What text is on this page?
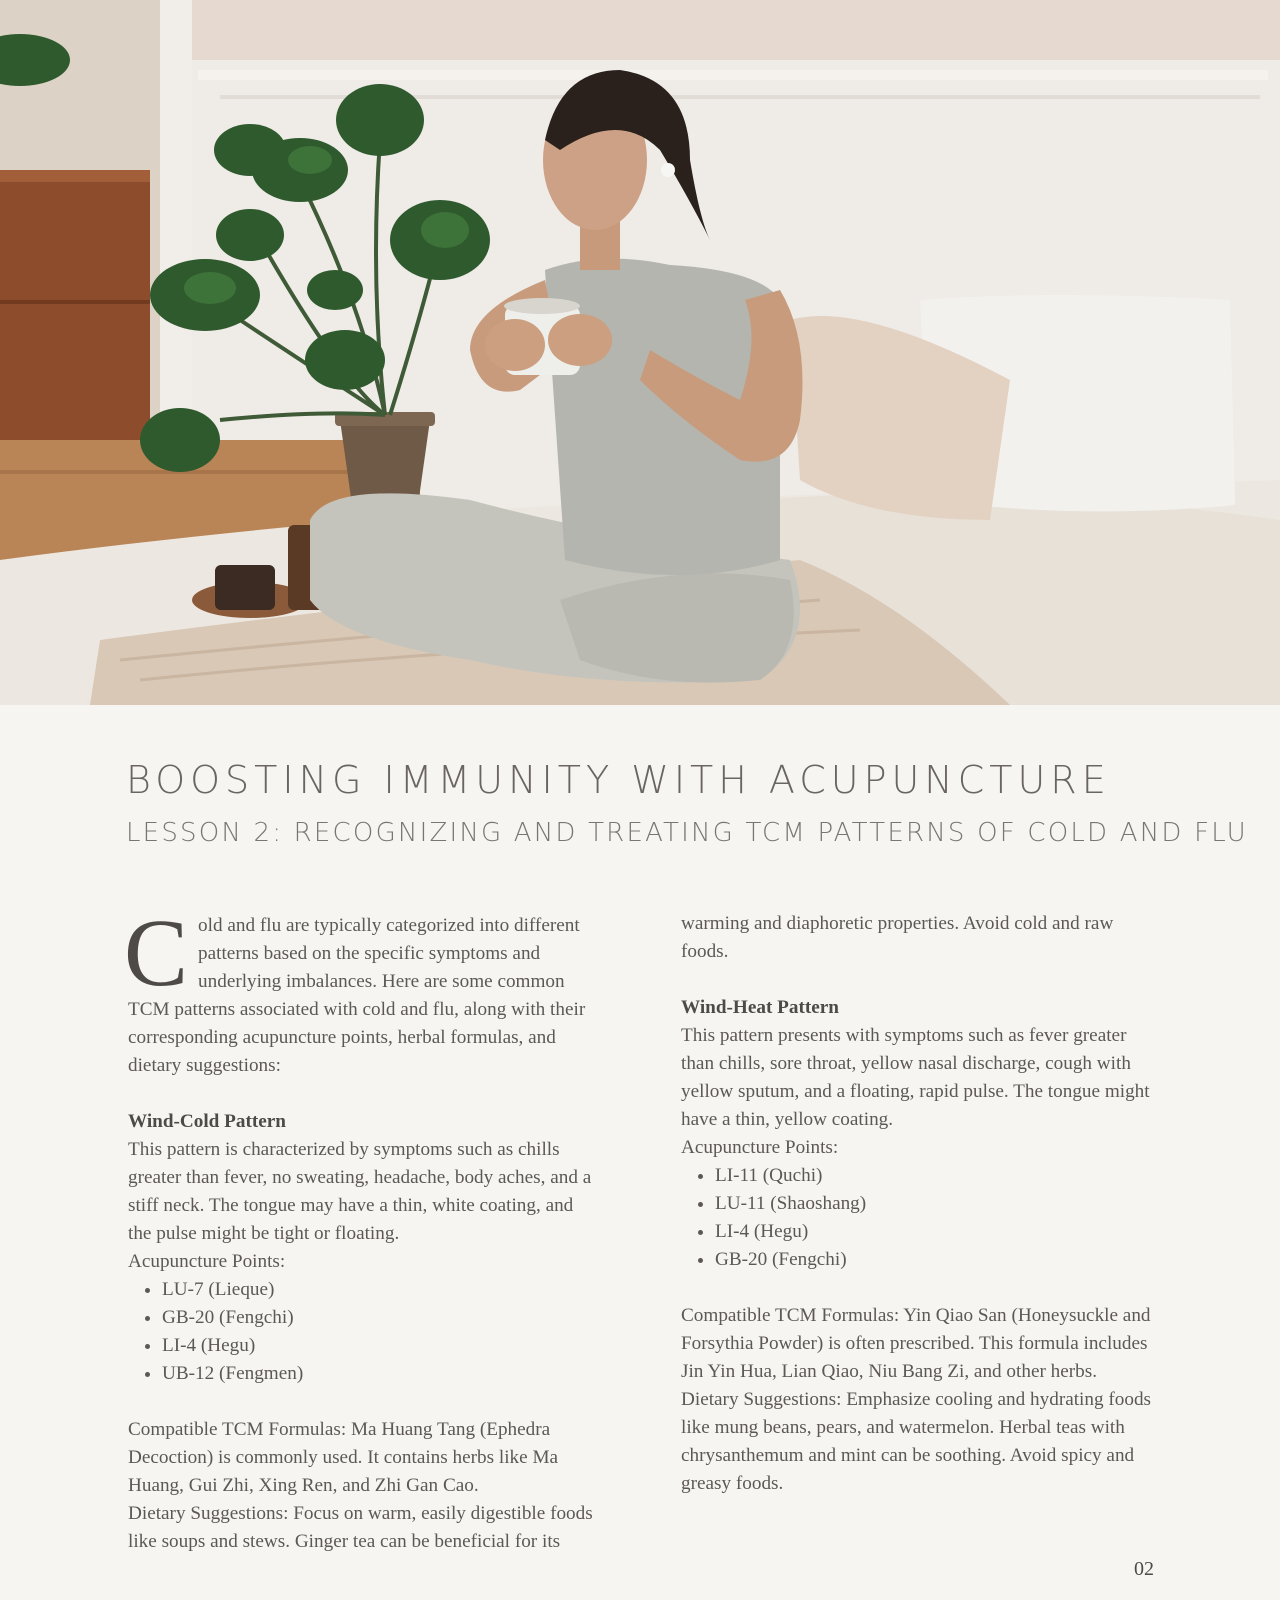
BOOSTING IMMUNITY WITH ACUPUNCTURE
LESSON 2: RECOGNIZING AND TREATING TCM PATTERNS OF COLD AND FLU

Cold and flu are typically categorized into different patterns based on the specific symptoms and underlying imbalances. Here are some common TCM patterns associated with cold and flu, along with their corresponding acupuncture points, herbal formulas, and dietary suggestions:

Wind-Cold Pattern

This pattern is characterized by symptoms such as chills greater than fever, no sweating, headache, body aches, and a stiff neck. The tongue may have a thin, white coating, and the pulse might be tight or floating.

Acupuncture Points:

• LU-7 (Lieque)
• GB-20 (Fengchi)
• LI-4 (Hegu)
• UB-12 (Fengmen)

Compatible TCM Formulas: Ma Huang Tang (Ephedra Decoction) is commonly used. It contains herbs like Ma Huang, Gui Zhi, Xing Ren, and Zhi Gan Cao.

Dietary Suggestions: Focus on warm, easily digestible foods like soups and stews. Ginger tea can be beneficial for its

warming and diaphoretic properties. Avoid cold and raw foods.

Wind-Heat Pattern

This pattern presents with symptoms such as fever greater than chills, sore throat, yellow nasal discharge, cough with yellow sputum, and a floating, rapid pulse. The tongue might have a thin, yellow coating.

Acupuncture Points:

• LI-11 (Quchi)
• LU-11 (Shaoshang)
• LI-4 (Hegu)
• GB-20 (Fengchi)

Compatible TCM Formulas: Yin Qiao San (Honeysuckle and Forsythia Powder) is often prescribed. This formula includes Jin Yin Hua, Lian Qiao, Niu Bang Zi, and other herbs.

Dietary Suggestions: Emphasize cooling and hydrating foods like mung beans, pears, and watermelon. Herbal teas with chrysanthemum and mint can be soothing. Avoid spicy and greasy foods.

02
